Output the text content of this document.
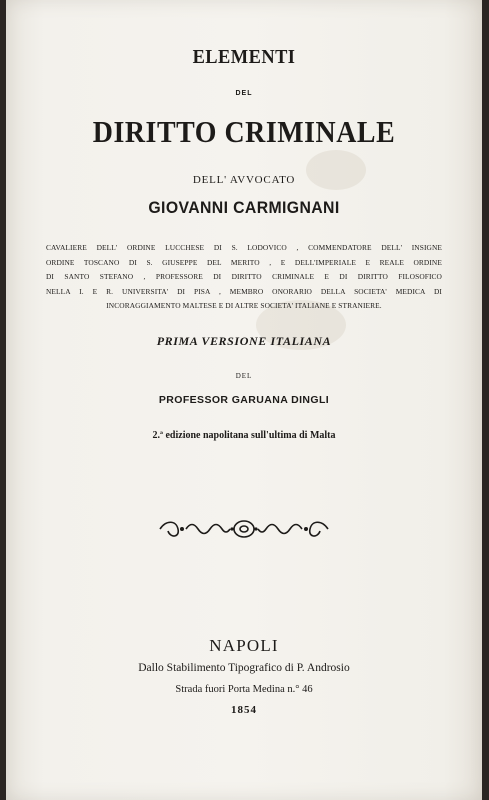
ELEMENTI
DEL
DIRITTO CRIMINALE
DELL' AVVOCATO
GIOVANNI CARMIGNANI
CAVALIERE DELL' ORDINE LUCCHESE DI S. LODOVICO , COMMENDATORE DELL' INSIGNE
ORDINE TOSCANO DI S. GIUSEPPE DEL MERITO , E DELL'IMPERIALE E REALE ORDINE
DI SANTO STEFANO , PROFESSORE DI DIRITTO CRIMINALE E DI DIRITTO FILOSOFICO
NELLA I. E R. UNIVERSITA' DI PISA , MEMBRO ONORARIO DELLA SOCIETA' MEDICA DI
INCORAGGIAMENTO MALTESE E DI ALTRE SOCIETA' ITALIANE E STRANIERE.
PRIMA VERSIONE ITALIANA
DEL
PROFESSOR GARUANA DINGLI
2.ª edizione napolitana sull'ultima di Malta
NAPOLI
Dallo Stabilimento Tipografico di P. Androsio
Strada fuori Porta Medina n.° 46
1854
